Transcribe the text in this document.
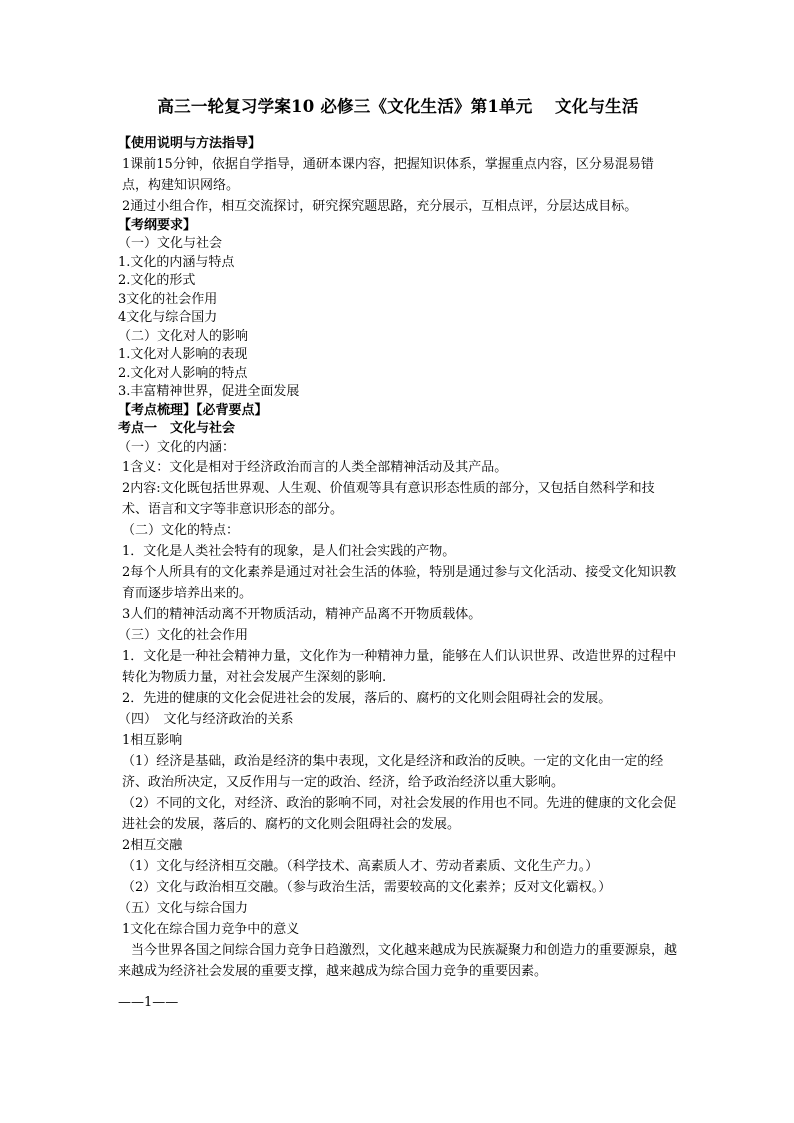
高三一轮复习学案10 必修三《文化生活》第1单元　 文化与生活

【使用说明与方法指导】

1课前15分钟，依据自学指导，通研本课内容，把握知识体系，掌握重点内容，区分易混易错点，构建知识网络。

2通过小组合作，相互交流探讨，研究探究题思路，充分展示，互相点评，分层达成目标。

【考纲要求】

（一）文化与社会

1.文化的内涵与特点

2.文化的形式

3文化的社会作用

4文化与综合国力

（二）文化对人的影响

1.文化对人影响的表现

2.文化对人影响的特点

3.丰富精神世界，促进全面发展

【考点梳理】【必背要点】

考点一　文化与社会

（一）文化的内涵：

1含义：文化是相对于经济政治而言的人类全部精神活动及其产品。

2内容:文化既包括世界观、人生观、价值观等具有意识形态性质的部分，又包括自然科学和技术、语言和文字等非意识形态的部分。

（二）文化的特点：

1．文化是人类社会特有的现象，是人们社会实践的产物。

2每个人所具有的文化素养是通过对社会生活的体验，特别是通过参与文化活动、接受文化知识教育而逐步培养出来的。

3人们的精神活动离不开物质活动，精神产品离不开物质载体。

（三）文化的社会作用

1．文化是一种社会精神力量，文化作为一种精神力量，能够在人们认识世界、改造世界的过程中转化为物质力量，对社会发展产生深刻的影响.

2．先进的健康的文化会促进社会的发展，落后的、腐朽的文化则会阻碍社会的发展。

（四）　文化与经济政治的关系

1相互影响

（1）经济是基础，政治是经济的集中表现，文化是经济和政治的反映。一定的文化由一定的经济、政治所决定，又反作用与一定的政治、经济，给予政治经济以重大影响。

（2）不同的文化，对经济、政治的影响不同，对社会发展的作用也不同。先进的健康的文化会促进社会的发展，落后的、腐朽的文化则会阻碍社会的发展。

2相互交融

（1）文化与经济相互交融。（科学技术、高素质人才、劳动者素质、文化生产力。）

（2）文化与政治相互交融。（参与政治生活，需要较高的文化素养；反对文化霸权。）

（五）文化与综合国力

1文化在综合国力竞争中的意义

当今世界各国之间综合国力竞争日趋激烈，文化越来越成为民族凝聚力和创造力的重要源泉，越来越成为经济社会发展的重要支撑，越来越成为综合国力竞争的重要因素。

——1——
